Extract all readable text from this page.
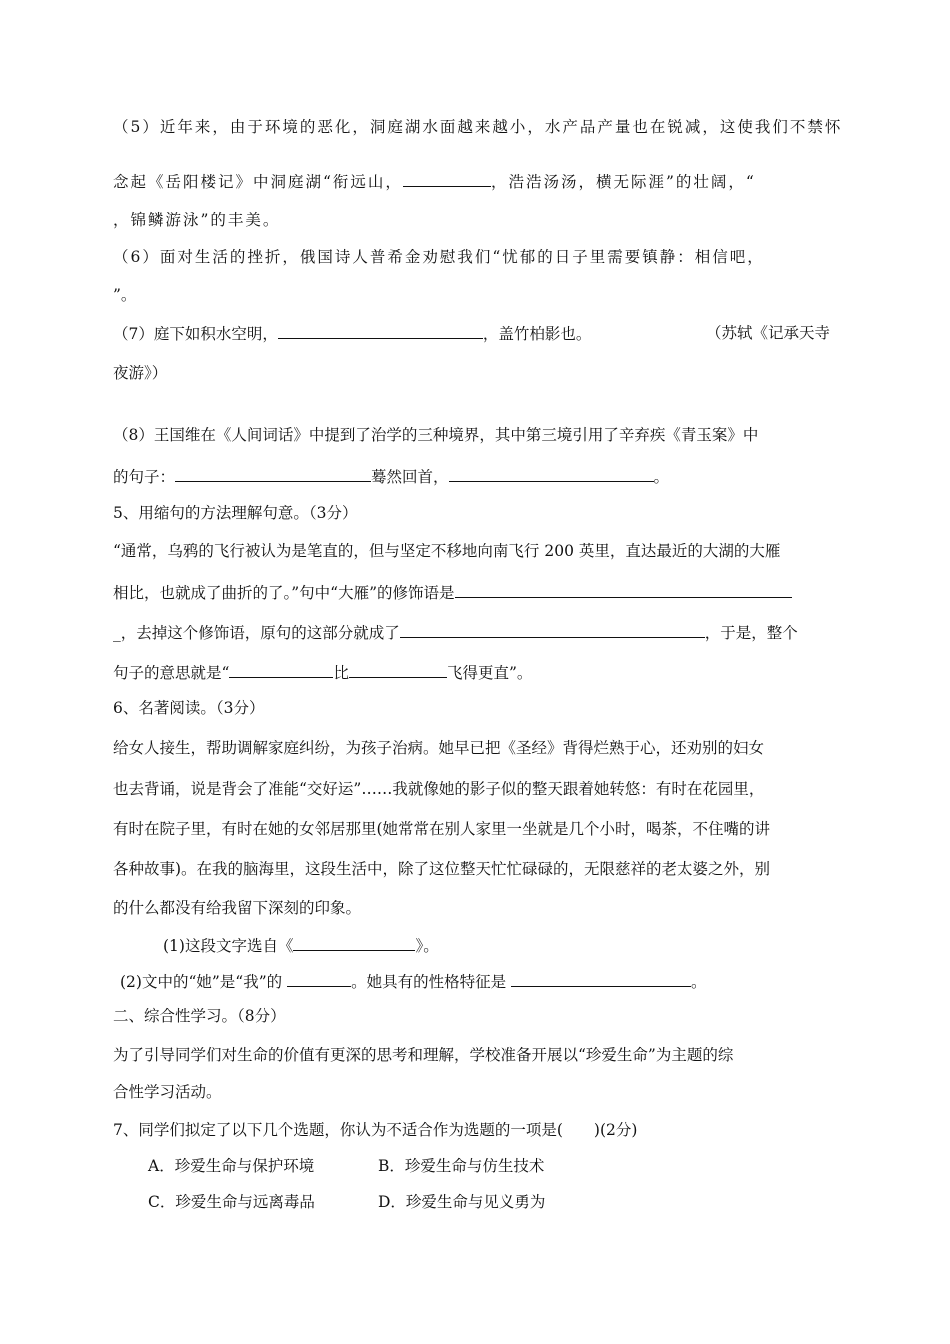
（5）近年来，由于环境的恶化，洞庭湖水面越来越小，水产品产量也在锐减，这使我们不禁怀
念起《岳阳楼记》中洞庭湖“衔远山，	，浩浩汤汤，横无际涯”的壮阔，“
，锦鳞游泳”的丰美。
（6）面对生活的挫折，俄国诗人普希金劝慰我们“忧郁的日子里需要镇静：相信吧，
”。
（7）庭下如积水空明，	，盖竹柏影也。	（苏轼《记承天寺
夜游》）
（8）王国维在《人间词话》中提到了治学的三种境界，其中第三境引用了辛弃疾《青玉案》中
的句子：	蓦然回首，	。
5、用缩句的方法理解句意。（3分）
“通常，乌鸦的飞行被认为是笔直的，但与坚定不移地向南飞行 200 英里，直达最近的大湖的大雁
相比，也就成了曲折的了。”句中“大雁”的修饰语是
_，去掉这个修饰语，原句的这部分就成了	，于是，整个
句子的意思就是“	比	飞得更直”。
6、名著阅读。（3分）
给女人接生，帮助调解家庭纠纷，为孩子治病。她早已把《圣经》背得烂熟于心，还劝别的妇女
也去背诵，说是背会了准能“交好运”……我就像她的影子似的整天跟着她转悠：有时在花园里，
有时在院子里，有时在她的女邻居那里(她常常在别人家里一坐就是几个小时，喝茶，不住嘴的讲
各种故事)。在我的脑海里，这段生活中，除了这位整天忙忙碌碌的，无限慈祥的老太婆之外，别
的什么都没有给我留下深刻的印象。
(1)这段文字选自《	》。
(2)文中的“她”是“我”的	。她具有的性格特征是	。
二、综合性学习。（8分）
为了引导同学们对生命的价值有更深的思考和理解，学校准备开展以“珍爱生命”为主题的综
合性学习活动。
7、同学们拟定了以下几个选题，你认为不适合作为选题的一项是(　　)(2分)
A．珍爱生命与保护环境	B．珍爱生命与仿生技术
C．珍爱生命与远离毒品	D．珍爱生命与见义勇为
